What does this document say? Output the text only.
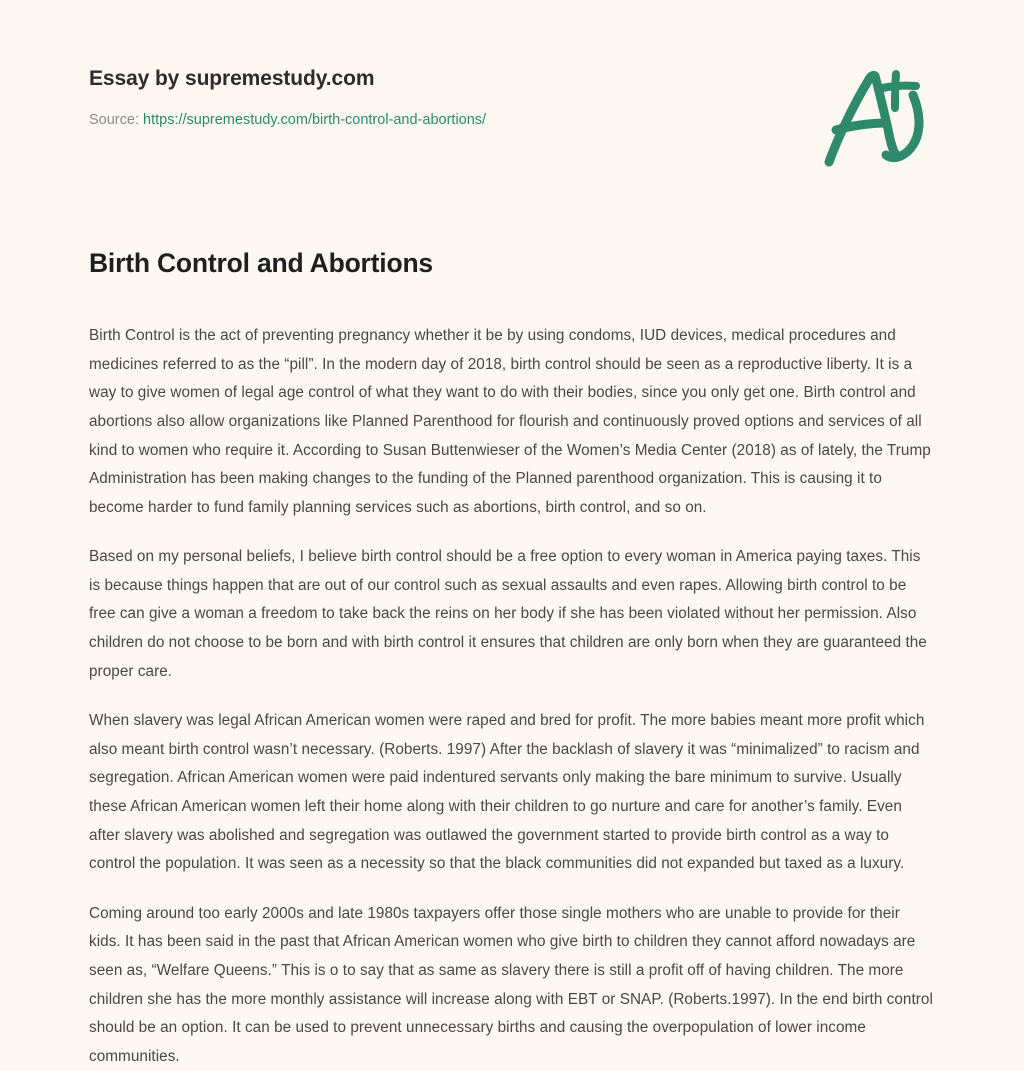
Essay by supremestudy.com
Source: https://supremestudy.com/birth-control-and-abortions/
Birth Control and Abortions

Birth Control is the act of preventing pregnancy whether it be by using condoms, IUD devices, medical procedures and medicines referred to as the “pill”. In the modern day of 2018, birth control should be seen as a reproductive liberty. It is a way to give women of legal age control of what they want to do with their bodies, since you only get one. Birth control and abortions also allow organizations like Planned Parenthood for flourish and continuously proved options and services of all kind to women who require it. According to Susan Buttenwieser of the Women’s Media Center (2018) as of lately, the Trump Administration has been making changes to the funding of the Planned parenthood organization. This is causing it to become harder to fund family planning services such as abortions, birth control, and so on.

Based on my personal beliefs, I believe birth control should be a free option to every woman in America paying taxes. This is because things happen that are out of our control such as sexual assaults and even rapes. Allowing birth control to be free can give a woman a freedom to take back the reins on her body if she has been violated without her permission. Also children do not choose to be born and with birth control it ensures that children are only born when they are guaranteed the proper care.

When slavery was legal African American women were raped and bred for profit. The more babies meant more profit which also meant birth control wasn’t necessary. (Roberts. 1997) After the backlash of slavery it was “minimalized” to racism and segregation. African American women were paid indentured servants only making the bare minimum to survive. Usually these African American women left their home along with their children to go nurture and care for another’s family. Even after slavery was abolished and segregation was outlawed the government started to provide birth control as a way to control the population. It was seen as a necessity so that the black communities did not expanded but taxed as a luxury.

Coming around too early 2000s and late 1980s taxpayers offer those single mothers who are unable to provide for their kids. It has been said in the past that African American women who give birth to children they cannot afford nowadays are seen as, “Welfare Queens.” This is o to say that as same as slavery there is still a profit off of having children. The more children she has the more monthly assistance will increase along with EBT or SNAP. (Roberts.1997). In the end birth control should be an option. It can be used to prevent unnecessary births and causing the overpopulation of lower income communities.
